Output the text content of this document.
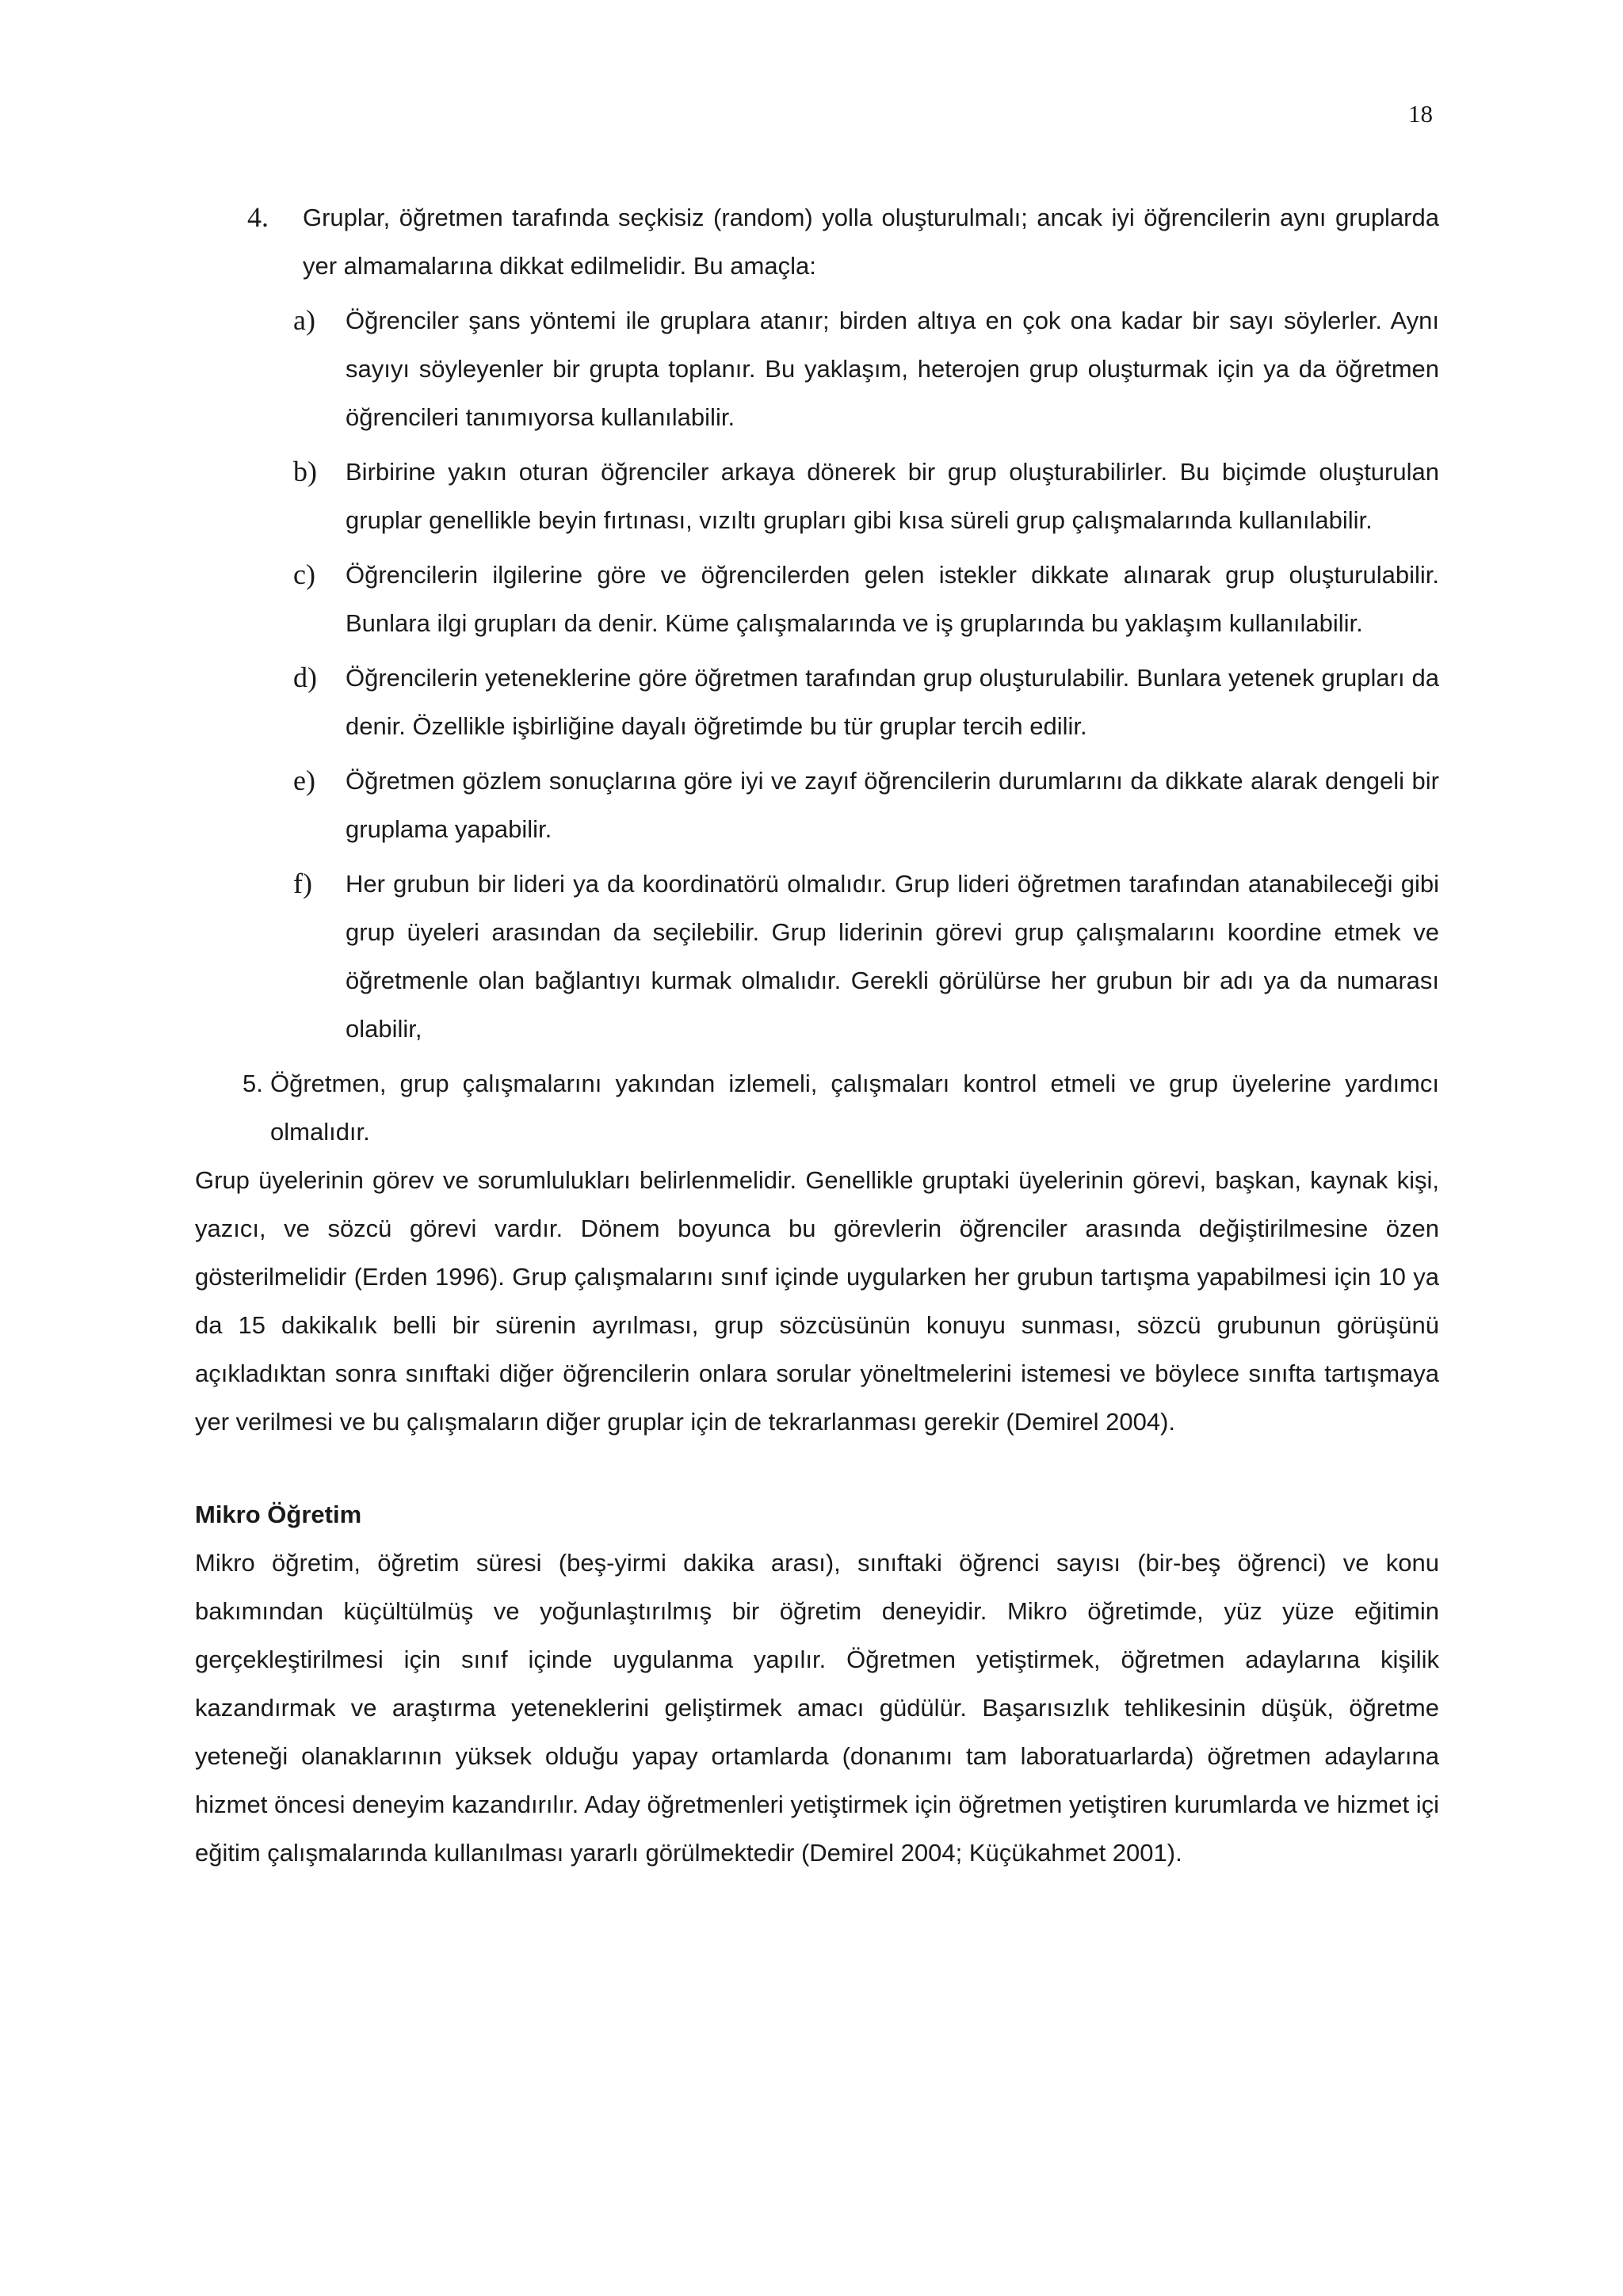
18
4. Gruplar, öğretmen tarafında seçkisiz (random) yolla oluşturulmalı; ancak iyi öğrencilerin aynı gruplarda yer almamalarına dikkat edilmelidir. Bu amaçla:
a) Öğrenciler şans yöntemi ile gruplara atanır; birden altıya en çok ona kadar bir sayı söylerler. Aynı sayıyı söyleyenler bir grupta toplanır. Bu yaklaşım, heterojen grup oluşturmak için ya da öğretmen öğrencileri tanımıyorsa kullanılabilir.
b) Birbirine yakın oturan öğrenciler arkaya dönerek bir grup oluşturabilirler. Bu biçimde oluşturulan gruplar genellikle beyin fırtınası, vızıltı grupları gibi kısa süreli grup çalışmalarında kullanılabilir.
c) Öğrencilerin ilgilerine göre ve öğrencilerden gelen istekler dikkate alınarak grup oluşturulabilir. Bunlara ilgi grupları da denir. Küme çalışmalarında ve iş gruplarında bu yaklaşım kullanılabilir.
d) Öğrencilerin yeteneklerine göre öğretmen tarafından grup oluşturulabilir. Bunlara yetenek grupları da denir. Özellikle işbirliğine dayalı öğretimde bu tür gruplar tercih edilir.
e) Öğretmen gözlem sonuçlarına göre iyi ve zayıf öğrencilerin durumlarını da dikkate alarak dengeli bir gruplama yapabilir.
f) Her grubun bir lideri ya da koordinatörü olmalıdır. Grup lideri öğretmen tarafından atanabileceği gibi grup üyeleri arasından da seçilebilir. Grup liderinin görevi grup çalışmalarını koordine etmek ve öğretmenle olan bağlantıyı kurmak olmalıdır. Gerekli görülürse her grubun bir adı ya da numarası olabilir,
5. Öğretmen, grup çalışmalarını yakından izlemeli, çalışmaları kontrol etmeli ve grup üyelerine yardımcı olmalıdır.

Grup üyelerinin görev ve sorumlulukları belirlenmelidir. Genellikle gruptaki üyelerinin görevi, başkan, kaynak kişi, yazıcı, ve sözcü görevi vardır. Dönem boyunca bu görevlerin öğrenciler arasında değiştirilmesine özen gösterilmelidir (Erden 1996). Grup çalışmalarını sınıf içinde uygularken her grubun tartışma yapabilmesi için 10 ya da 15 dakikalık belli bir sürenin ayrılması, grup sözcüsünün konuyu sunması, sözcü grubunun görüşünü açıkladıktan sonra sınıftaki diğer öğrencilerin onlara sorular yöneltmelerini istemesi ve böylece sınıfta tartışmaya yer verilmesi ve bu çalışmaların diğer gruplar için de tekrarlanması gerekir (Demirel 2004).

Mikro Öğretim

Mikro öğretim, öğretim süresi (beş-yirmi dakika arası), sınıftaki öğrenci sayısı (bir-beş öğrenci) ve konu bakımından küçültülmüş ve yoğunlaştırılmış bir öğretim deneyidir. Mikro öğretimde, yüz yüze eğitimin gerçekleştirilmesi için sınıf içinde uygulanma yapılır. Öğretmen yetiştirmek, öğretmen adaylarına kişilik kazandırmak ve araştırma yeteneklerini geliştirmek amacı güdülür. Başarısızlık tehlikesinin düşük, öğretme yeteneği olanaklarının yüksek olduğu yapay ortamlarda (donanımı tam laboratuarlarda) öğretmen adaylarına hizmet öncesi deneyim kazandırılır. Aday öğretmenleri yetiştirmek için öğretmen yetiştiren kurumlarda ve hizmet içi eğitim çalışmalarında kullanılması yararlı görülmektedir (Demirel 2004; Küçükahmet 2001).
